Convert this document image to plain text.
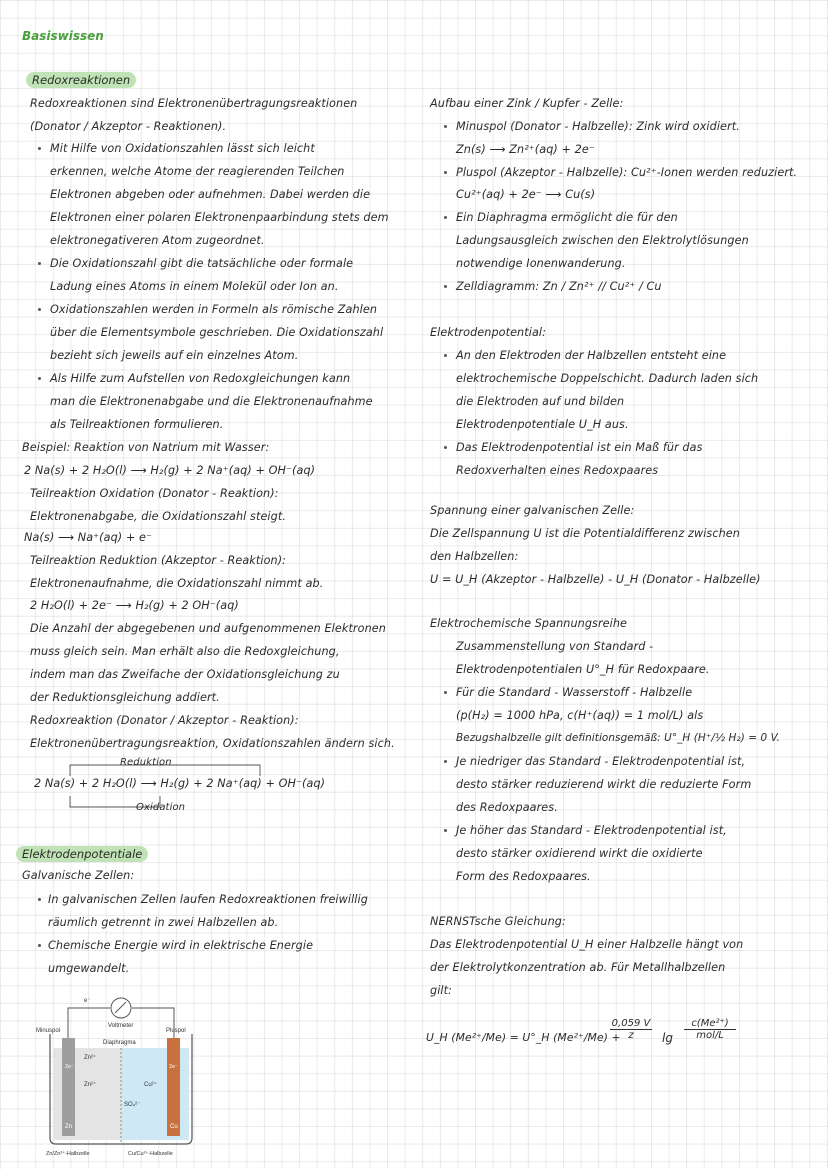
Basiswissen
Redoxreaktionen
Redoxreaktionen sind Elektronenübertragungsreaktionen
(Donator / Akzeptor - Reaktionen).
Mit Hilfe von Oxidationszahlen lässt sich leicht
erkennen, welche Atome der reagierenden Teilchen
Elektronen abgeben oder aufnehmen. Dabei werden die
Elektronen einer polaren Elektronenpaarbindung stets dem
elektronegativeren Atom zugeordnet.
Die Oxidationszahl gibt die tatsächliche oder formale
Ladung eines Atoms in einem Molekül oder Ion an.
Oxidationszahlen werden in Formeln als römische Zahlen
über die Elementsymbole geschrieben. Die Oxidationszahl
bezieht sich jeweils auf ein einzelnes Atom.
Als Hilfe zum Aufstellen von Redoxgleichungen kann
man die Elektronenabgabe und die Elektronenaufnahme
als Teilreaktionen formulieren.
Beispiel: Reaktion von Natrium mit Wasser:
2 Na(s) + 2 H₂O(l) ⟶ H₂(g) + 2 Na⁺(aq) + OH⁻(aq)
Teilreaktion Oxidation (Donator - Reaktion):
Elektronenabgabe, die Oxidationszahl steigt.
Na(s) ⟶ Na⁺(aq) + e⁻
Teilreaktion Reduktion (Akzeptor - Reaktion):
Elektronenaufnahme, die Oxidationszahl nimmt ab.
2 H₂O(l) + 2e⁻ ⟶ H₂(g) + 2 OH⁻(aq)
Die Anzahl der abgegebenen und aufgenommenen Elektronen
muss gleich sein. Man erhält also die Redoxgleichung,
indem man das Zweifache der Oxidationsgleichung zu
der Reduktionsgleichung addiert.
Redoxreaktion (Donator / Akzeptor - Reaktion):
Elektronenübertragungsreaktion, Oxidationszahlen ändern sich.
Reduktion
2 Na(s) + 2 H₂O(l) ⟶ H₂(g) + 2 Na⁺(aq) + OH⁻(aq)
Oxidation
Elektrodenpotentiale
Galvanische Zellen:
In galvanischen Zellen laufen Redoxreaktionen freiwillig
räumlich getrennt in zwei Halbzellen ab.
Chemische Energie wird in elektrische Energie
umgewandelt.
e⁻
Voltmeter
Minuspol	Pluspol
Diaphragma
Zn²⁺
Zn²⁺	Cu²⁺
SO₄²⁻
2e⁻	2e⁻
Zn	Cu
Zn/Zn²⁺-Halbzelle	Cu/Cu²⁺-Halbzelle
Aufbau einer Zink / Kupfer - Zelle:
Minuspol (Donator - Halbzelle): Zink wird oxidiert.
Zn(s) ⟶ Zn²⁺(aq) + 2e⁻
Pluspol (Akzeptor - Halbzelle): Cu²⁺-Ionen werden reduziert.
Cu²⁺(aq) + 2e⁻ ⟶ Cu(s)
Ein Diaphragma ermöglicht die für den
Ladungsausgleich zwischen den Elektrolytlösungen
notwendige Ionenwanderung.
Zelldiagramm: Zn / Zn²⁺ // Cu²⁺ / Cu
Elektrodenpotential:
An den Elektroden der Halbzellen entsteht eine
elektrochemische Doppelschicht. Dadurch laden sich
die Elektroden auf und bilden
Elektrodenpotentiale U_H aus.
Das Elektrodenpotential ist ein Maß für das
Redoxverhalten eines Redoxpaares
Spannung einer galvanischen Zelle:
Die Zellspannung U ist die Potentialdifferenz zwischen
den Halbzellen:
U = U_H (Akzeptor - Halbzelle) - U_H (Donator - Halbzelle)
Elektrochemische Spannungsreihe
Zusammenstellung von Standard -
Elektrodenpotentialen U°_H für Redoxpaare.
Für die Standard - Wasserstoff - Halbzelle
(p(H₂) = 1000 hPa, c(H⁺(aq)) = 1 mol/L) als
Bezugshalbzelle gilt definitionsgemäß: U°_H (H⁺/½ H₂) = 0 V.
Je niedriger das Standard - Elektrodenpotential ist,
desto stärker reduzierend wirkt die reduzierte Form
des Redoxpaares.
Je höher das Standard - Elektrodenpotential ist,
desto stärker oxidierend wirkt die oxidierte
Form des Redoxpaares.
NERNSTsche Gleichung:
Das Elektrodenpotential U_H einer Halbzelle hängt von
der Elektrolytkonzentration ab. Für Metallhalbzellen
gilt:
U_H (Me²⁺/Me) = U°_H (Me²⁺/Me) +
$\frac{0,059 V}{z}$ lg
c(Me²⁺)
mol/L
